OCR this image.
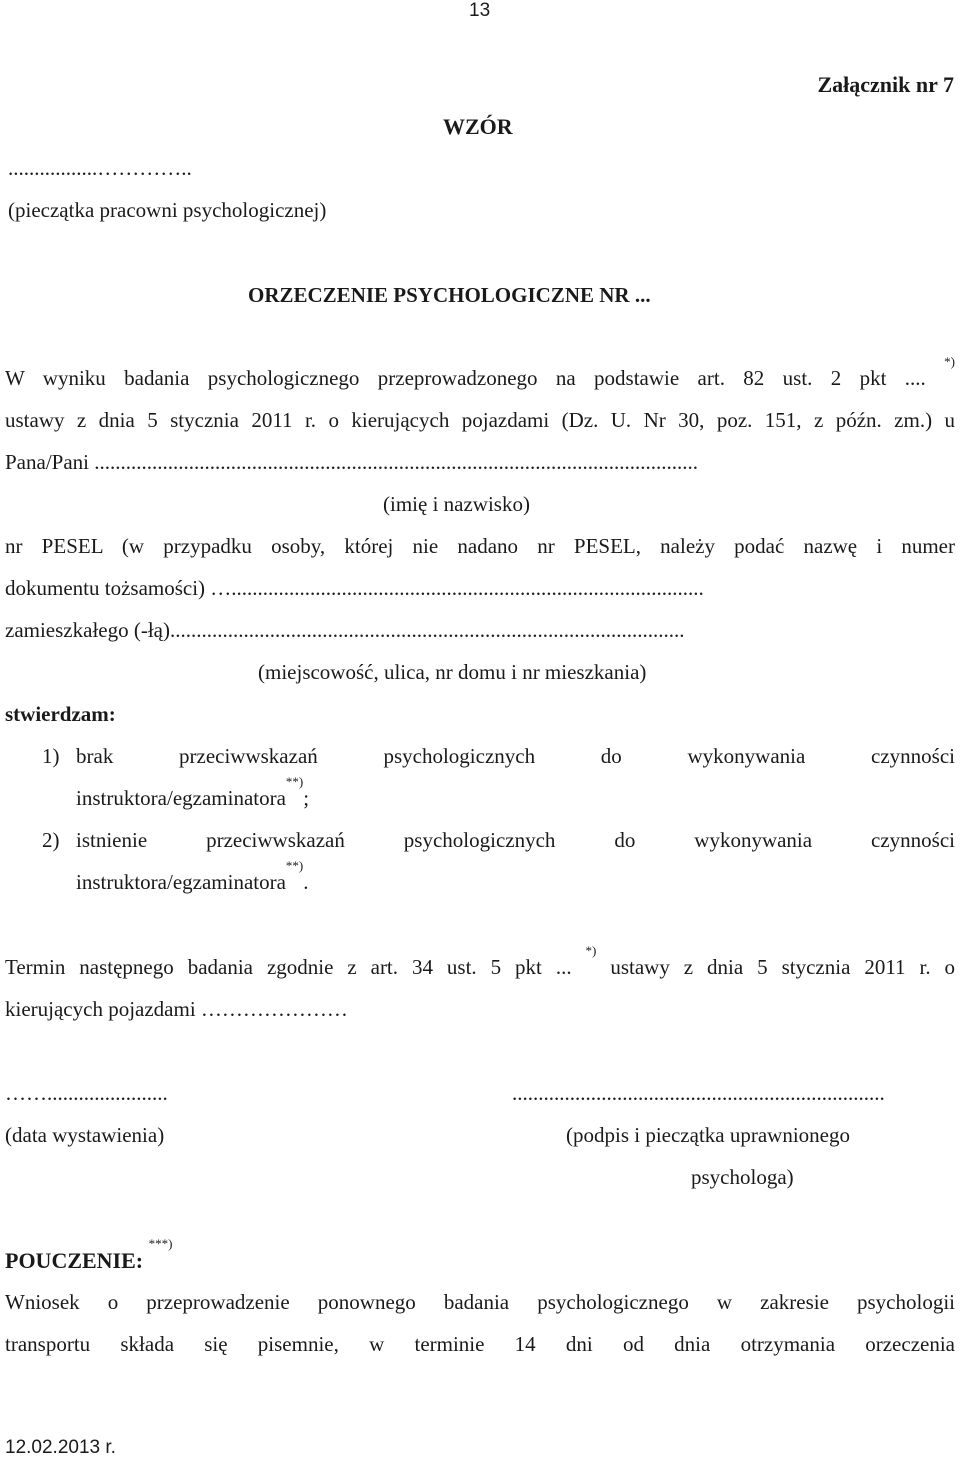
13
Załącznik nr 7
WZÓR
.................…………..
(pieczątka pracowni psychologicznej)
ORZECZENIE PSYCHOLOGICZNE NR ...
W wyniku badania psychologicznego przeprowadzonego na podstawie art. 82 ust. 2 pkt .... *)
ustawy z dnia 5 stycznia 2011 r. o kierujących pojazdami (Dz. U. Nr 30, poz. 151, z późn. zm.) u
Pana/Pani ...................................................................................................................
(imię i nazwisko)
nr PESEL (w przypadku osoby, której nie nadano nr PESEL, należy podać nazwę i numer
dokumentu tożsamości) …..........................................................................................
zamieszkałego (-łą)..................................................................................................
(miejscowość, ulica, nr domu i nr mieszkania)
stwierdzam:
1) brak przeciwwskazań psychologicznych do wykonywania czynności
instruktora/egzaminatora**);
2) istnienie przeciwwskazań psychologicznych do wykonywania czynności
instruktora/egzaminatora**).
Termin następnego badania zgodnie z art. 34 ust. 5 pkt ... *) ustawy z dnia 5 stycznia 2011 r. o
kierujących pojazdami …………………
…….......................	.......................................................................
(data wystawienia)	(podpis i pieczątka uprawnionego
psychologa)
POUCZENIE: ***)
Wniosek o przeprowadzenie ponownego badania psychologicznego w zakresie psychologii
transportu składa się pisemnie, w terminie 14 dni od dnia otrzymania orzeczenia
12.02.2013 r.
